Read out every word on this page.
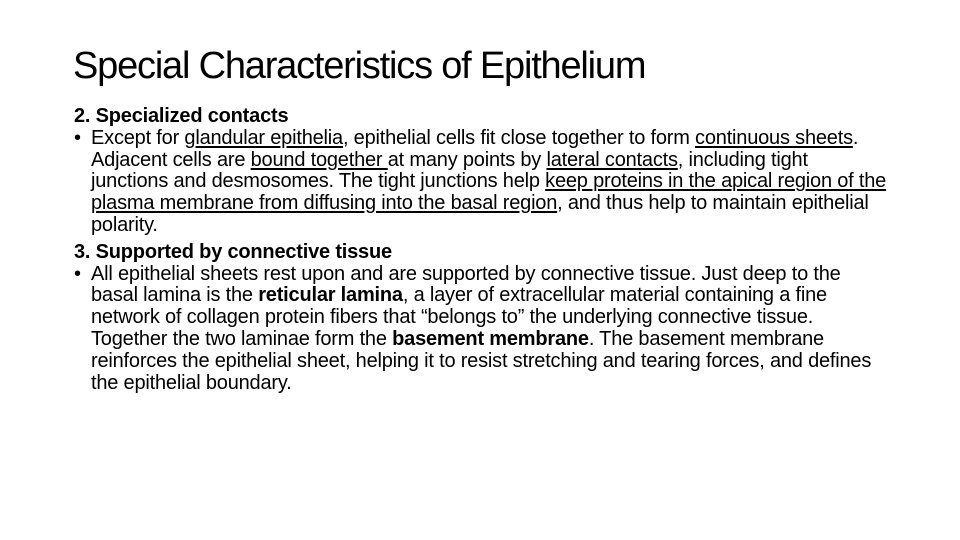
Special Characteristics of Epithelium

2. Specialized contacts

• Except for glandular epithelia, epithelial cells fit close together to form continuous sheets. Adjacent cells are bound together at many points by lateral contacts, including tight junctions and desmosomes. The tight junctions help keep proteins in the apical region of the plasma membrane from diffusing into the basal region, and thus help to maintain epithelial polarity.

3. Supported by connective tissue

• All epithelial sheets rest upon and are supported by connective tissue. Just deep to the basal lamina is the reticular lamina, a layer of extracellular material containing a fine network of collagen protein fibers that “belongs to” the underlying connective tissue. Together the two laminae form the basement membrane. The basement membrane reinforces the epithelial sheet, helping it to resist stretching and tearing forces, and defines the epithelial boundary.
